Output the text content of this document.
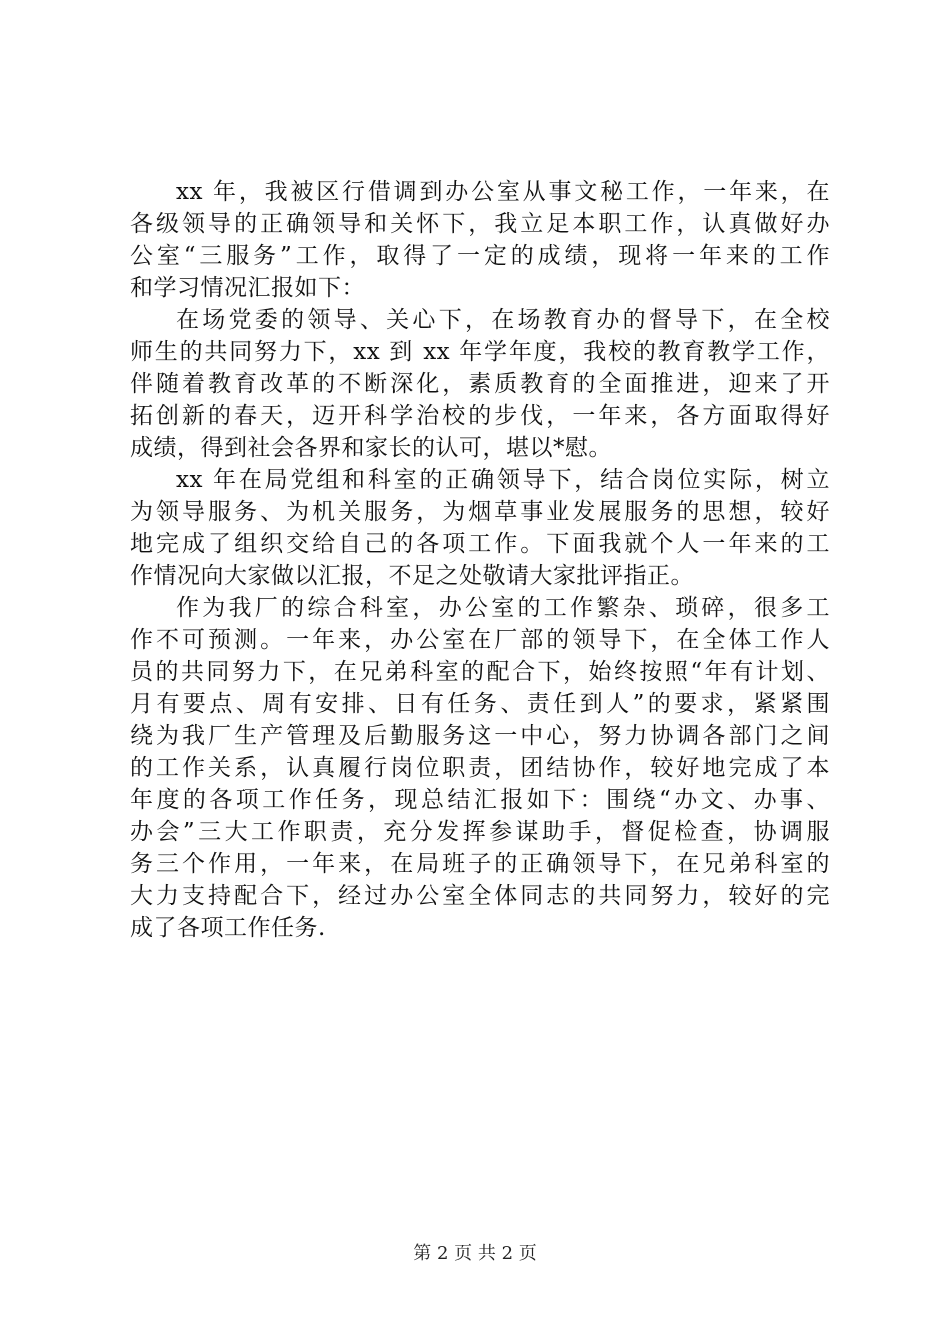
xx 年，我被区行借调到办公室从事文秘工作，一年来，在
各级领导的正确领导和关怀下，我立足本职工作，认真做好办
公室“三服务”工作，取得了一定的成绩，现将一年来的工作
和学习情况汇报如下：
在场党委的领导、关心下，在场教育办的督导下，在全校
师生的共同努力下，xx 到 xx 年学年度，我校的教育教学工作，
伴随着教育改革的不断深化，素质教育的全面推进，迎来了开
拓创新的春天，迈开科学治校的步伐，一年来，各方面取得好
成绩，得到社会各界和家长的认可，堪以*慰。
xx 年在局党组和科室的正确领导下，结合岗位实际，树立
为领导服务、为机关服务，为烟草事业发展服务的思想，较好
地完成了组织交给自己的各项工作。下面我就个人一年来的工
作情况向大家做以汇报，不足之处敬请大家批评指正。
作为我厂的综合科室，办公室的工作繁杂、琐碎，很多工
作不可预测。一年来，办公室在厂部的领导下，在全体工作人
员的共同努力下，在兄弟科室的配合下，始终按照“年有计划、
月有要点、周有安排、日有任务、责任到人”的要求，紧紧围
绕为我厂生产管理及后勤服务这一中心，努力协调各部门之间
的工作关系，认真履行岗位职责，团结协作，较好地完成了本
年度的各项工作任务，现总结汇报如下：围绕“办文、办事、
办会”三大工作职责，充分发挥参谋助手，督促检查，协调服
务三个作用，一年来，在局班子的正确领导下，在兄弟科室的
大力支持配合下，经过办公室全体同志的共同努力，较好的完
成了各项工作任务.
第 2 页 共 2 页
